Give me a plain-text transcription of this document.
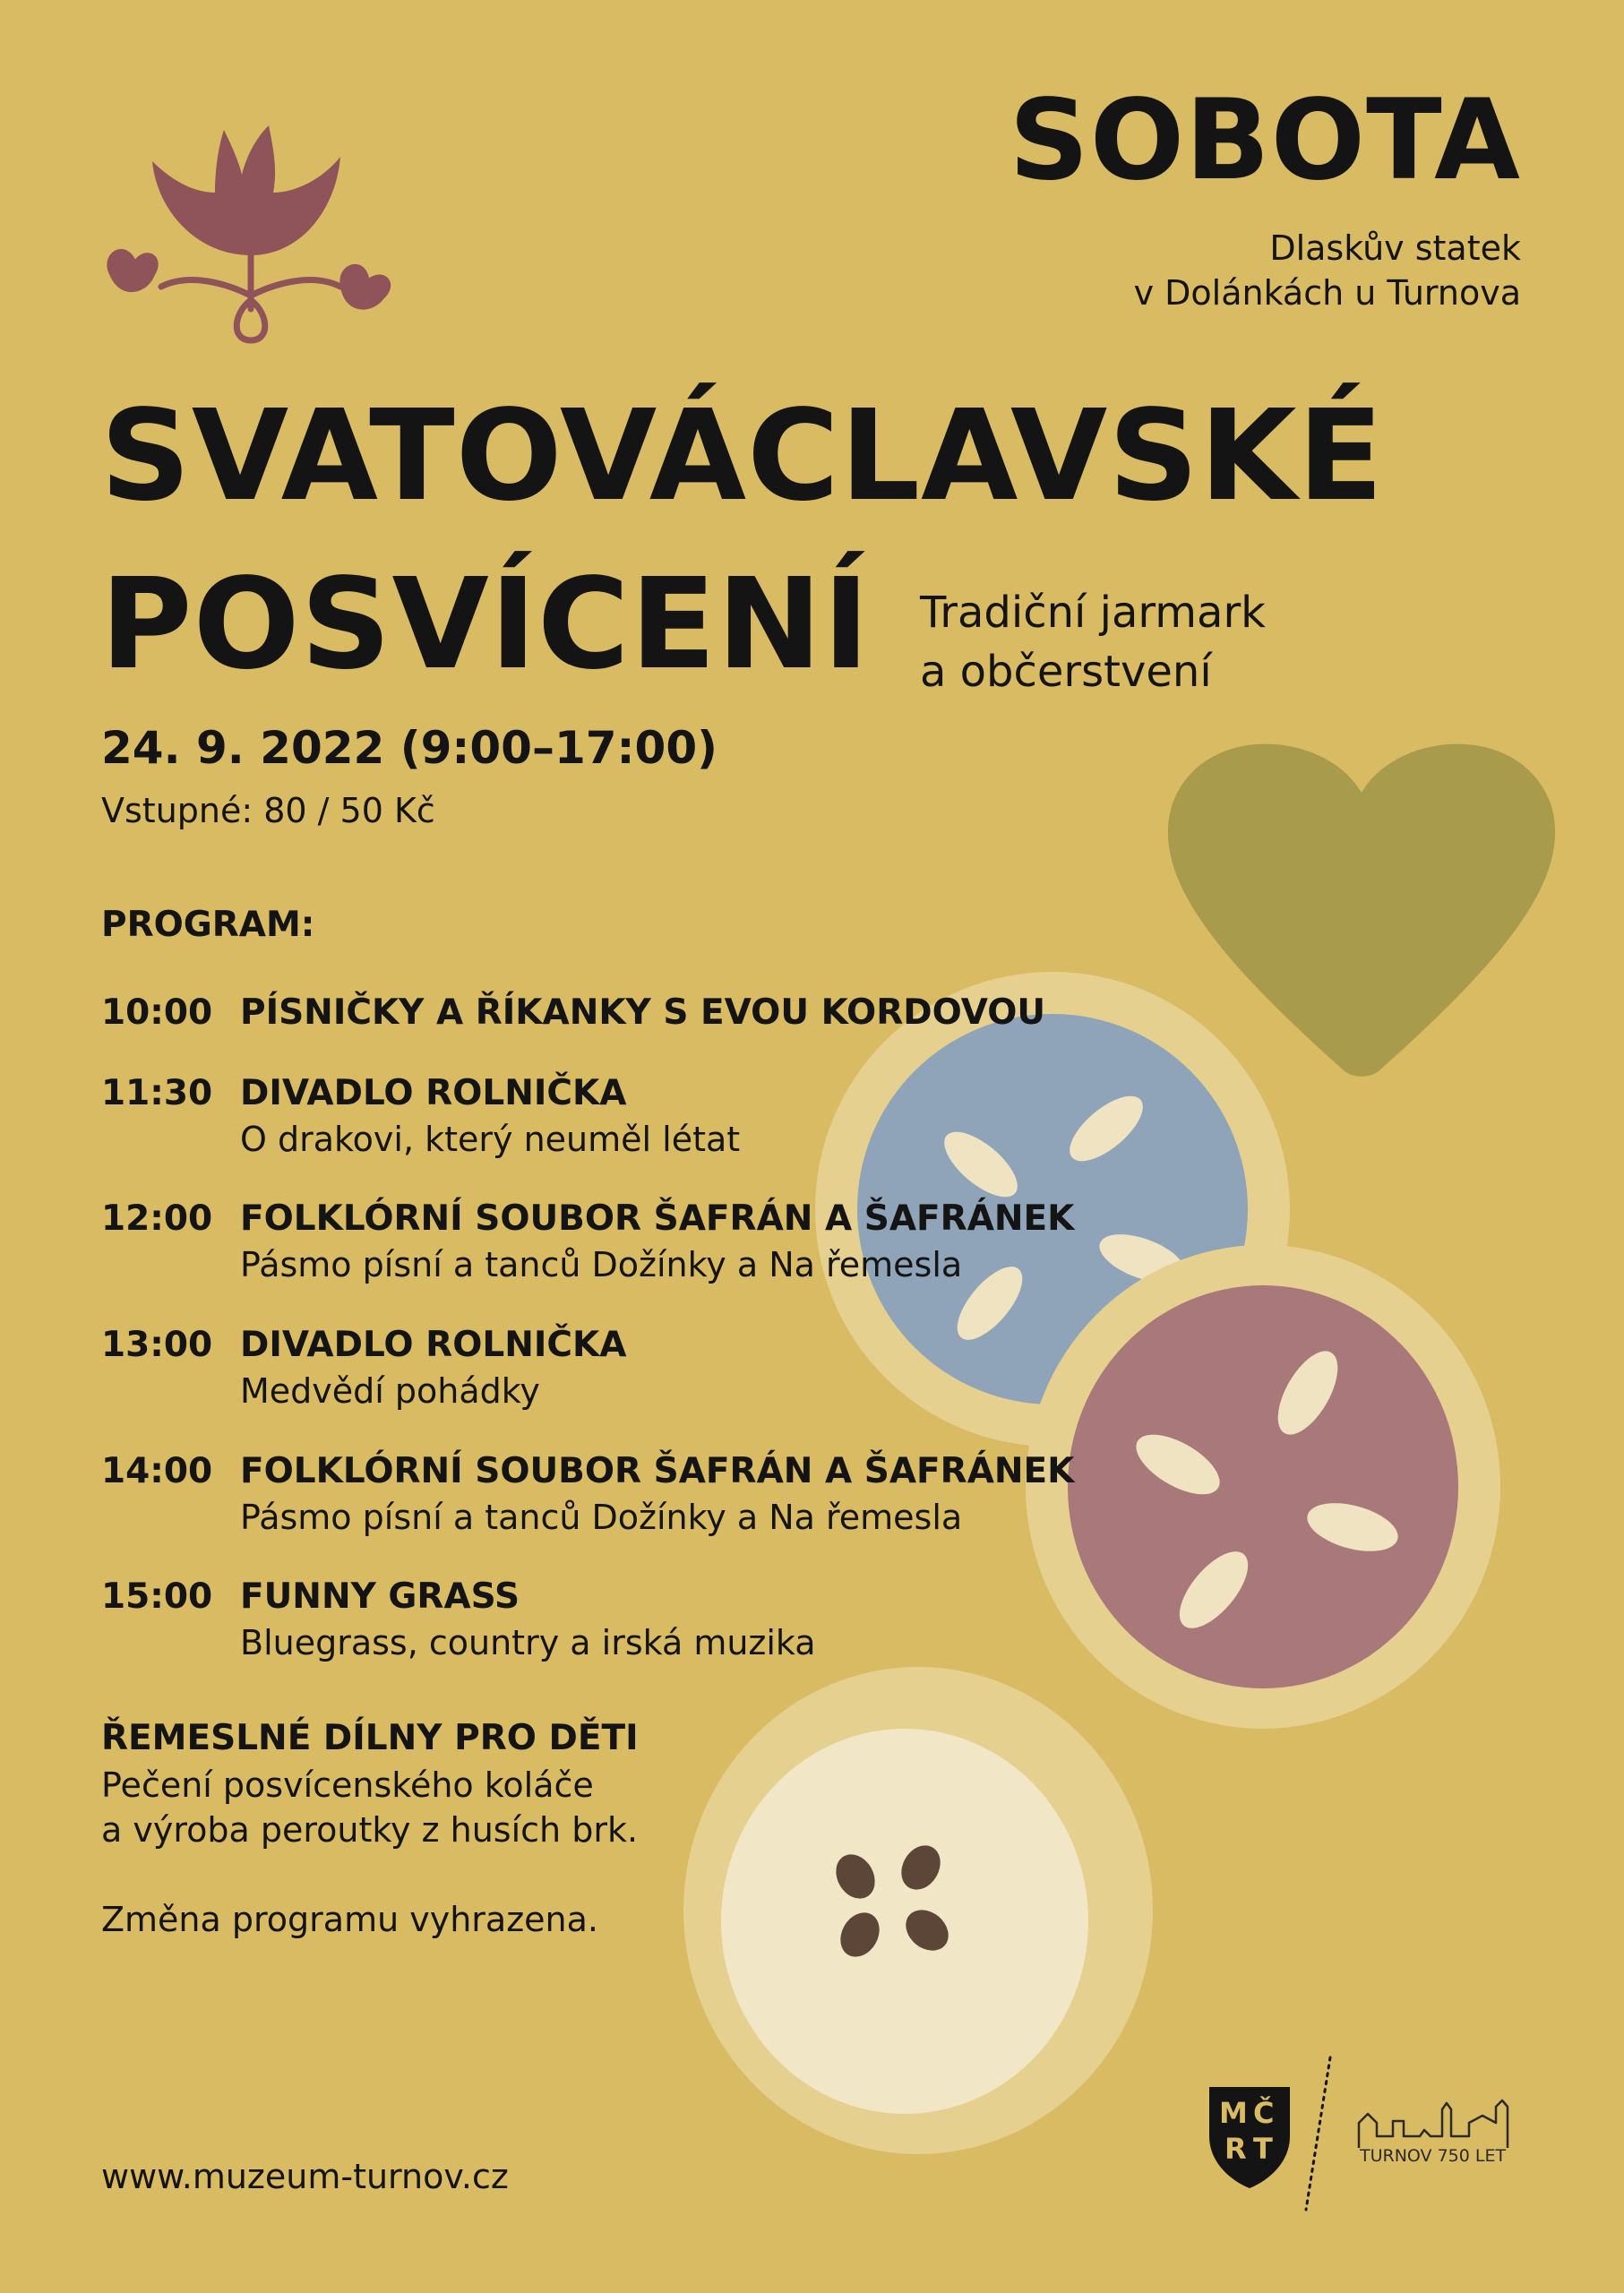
SOBOTA
Dlaskův statek
v Dolánkách u Turnova
SVATOVÁCLAVSKÉ
POSVÍCENÍ Tradiční jarmark
a občerstvení
24. 9. 2022 (9:00–17:00)
Vstupné: 80 / 50 Kč
PROGRAM:
10:00 PÍSNIČKY A ŘÍKANKY S EVOU KORDOVOU
11:30 DIVADLO ROLNIČKA
O drakovi, který neuměl létat
12:00 FOLKLÓRNÍ SOUBOR ŠAFRÁN A ŠAFRÁNEK
Pásmo písní a tanců Dožínky a Na řemesla
13:00 DIVADLO ROLNIČKA
Medvědí pohádky
14:00 FOLKLÓRNÍ SOUBOR ŠAFRÁN A ŠAFRÁNEK
Pásmo písní a tanců Dožínky a Na řemesla
15:00 FUNNY GRASS
Bluegrass, country a irská muzika
ŘEMESLNÉ DÍLNY PRO DĚTI
Pečení posvícenského koláče
a výroba peroutky z husích brk.
Změna programu vyhrazena.
www.muzeum-turnov.cz
M Č
R T	TURNOV 750 LET
